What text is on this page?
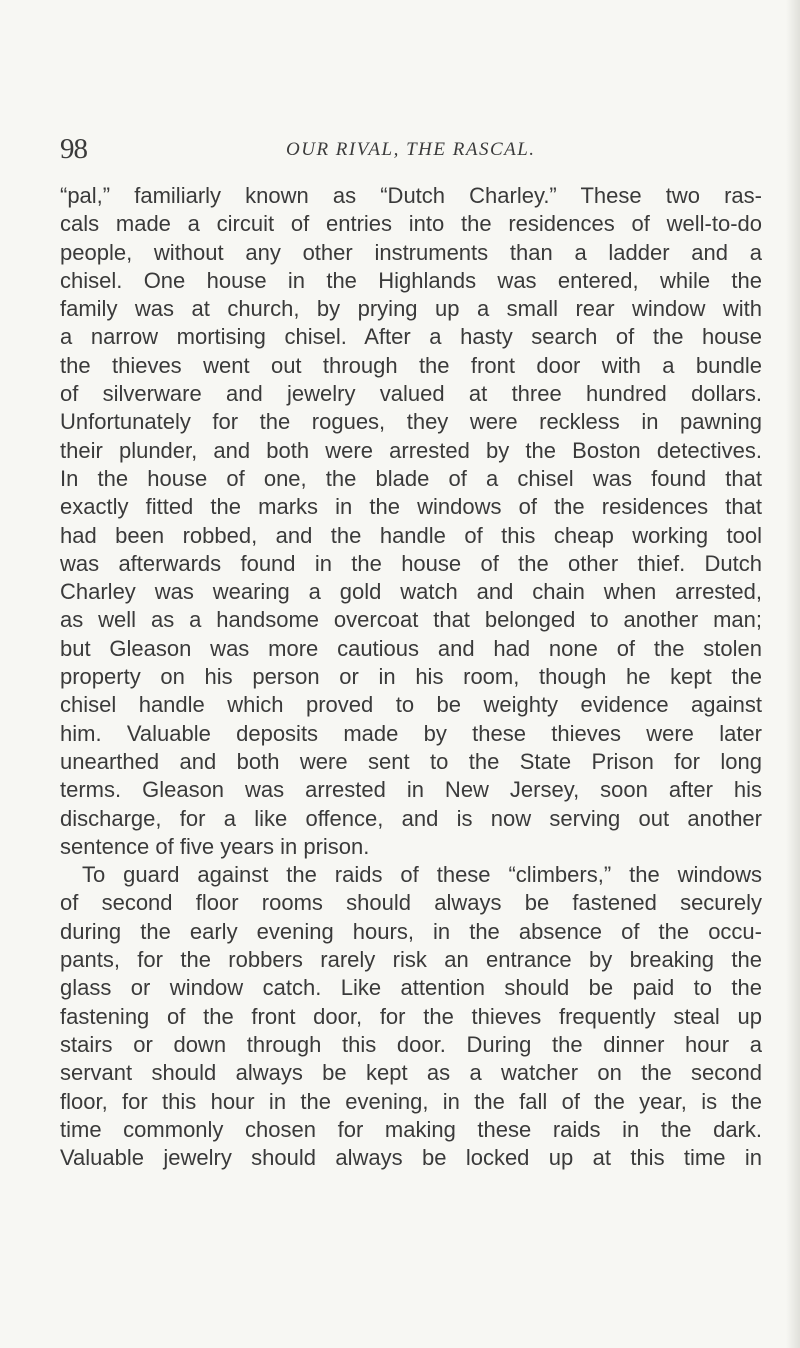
98	OUR RIVAL, THE RASCAL.
“pal,” familiarly known as “Dutch Charley.” These two ras-
cals made a circuit of entries into the residences of well-to-do
people, without any other instruments than a ladder and a
chisel. One house in the Highlands was entered, while the
family was at church, by prying up a small rear window with
a narrow mortising chisel. After a hasty search of the house
the thieves went out through the front door with a bundle
of silverware and jewelry valued at three hundred dollars.
Unfortunately for the rogues, they were reckless in pawning
their plunder, and both were arrested by the Boston detectives.
In the house of one, the blade of a chisel was found that
exactly fitted the marks in the windows of the residences that
had been robbed, and the handle of this cheap working tool
was afterwards found in the house of the other thief. Dutch
Charley was wearing a gold watch and chain when arrested,
as well as a handsome overcoat that belonged to another man;
but Gleason was more cautious and had none of the stolen
property on his person or in his room, though he kept the
chisel handle which proved to be weighty evidence against
him. Valuable deposits made by these thieves were later
unearthed and both were sent to the State Prison for long
terms. Gleason was arrested in New Jersey, soon after his
discharge, for a like offence, and is now serving out another
sentence of five years in prison.
To guard against the raids of these “climbers,” the windows
of second floor rooms should always be fastened securely
during the early evening hours, in the absence of the occu-
pants, for the robbers rarely risk an entrance by breaking the
glass or window catch. Like attention should be paid to the
fastening of the front door, for the thieves frequently steal up
stairs or down through this door. During the dinner hour a
servant should always be kept as a watcher on the second
floor, for this hour in the evening, in the fall of the year, is the
time commonly chosen for making these raids in the dark.
Valuable jewelry should always be locked up at this time in
